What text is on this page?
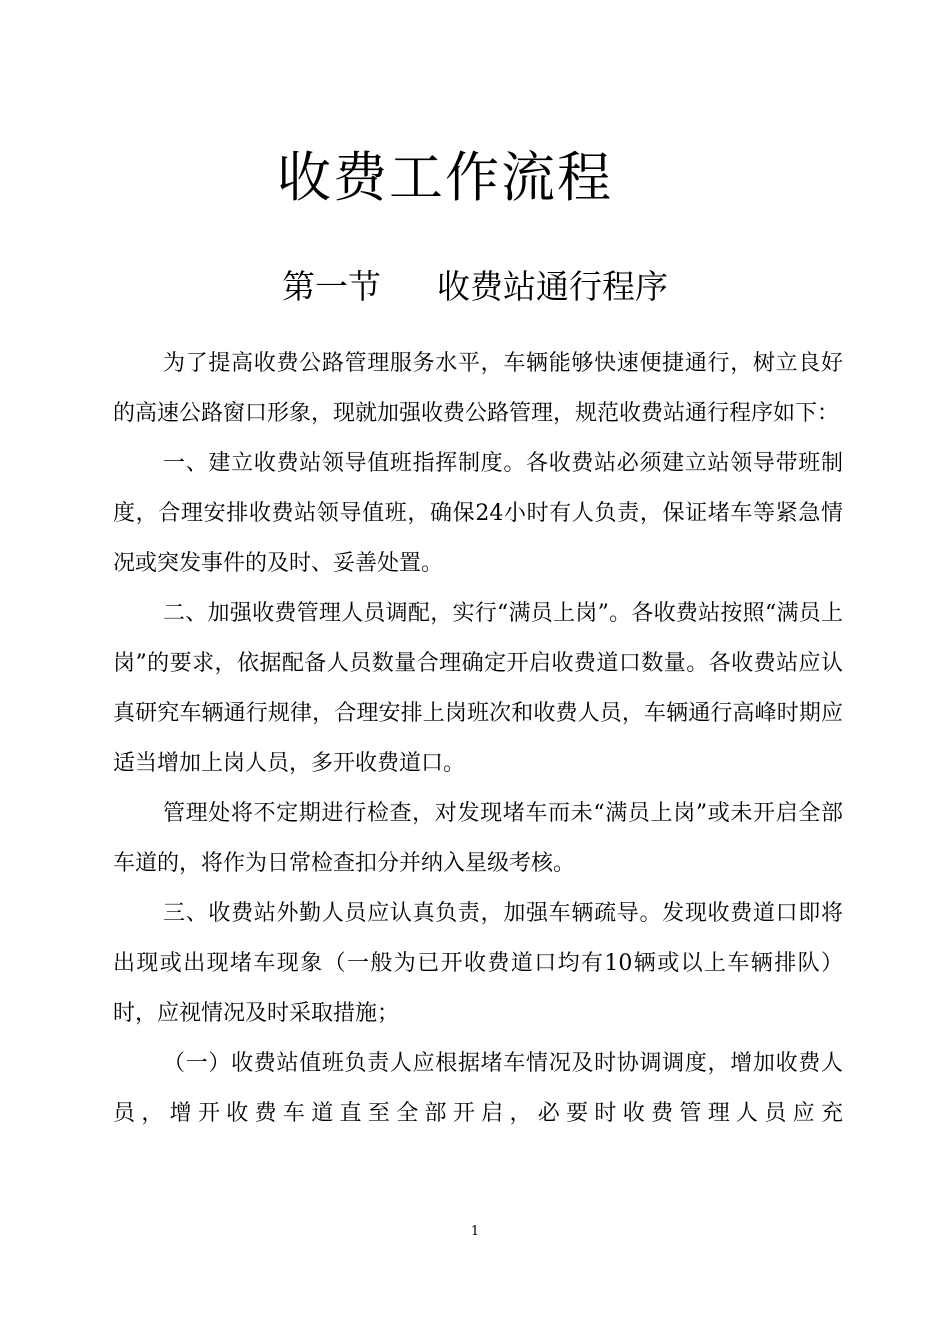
收费工作流程
第一节 收费站通行程序

为了提高收费公路管理服务水平，车辆能够快速便捷通行，树立良好的高速公路窗口形象，现就加强收费公路管理，规范收费站通行程序如下：

一、建立收费站领导值班指挥制度。各收费站必须建立站领导带班制度，合理安排收费站领导值班，确保24小时有人负责，保证堵车等紧急情况或突发事件的及时、妥善处置。

二、加强收费管理人员调配，实行“满员上岗”。各收费站按照“满员上岗”的要求，依据配备人员数量合理确定开启收费道口数量。各收费站应认真研究车辆通行规律，合理安排上岗班次和收费人员，车辆通行高峰时期应适当增加上岗人员，多开收费道口。

管理处将不定期进行检查，对发现堵车而未“满员上岗”或未开启全部车道的，将作为日常检查扣分并纳入星级考核。

三、收费站外勤人员应认真负责，加强车辆疏导。发现收费道口即将出现或出现堵车现象（一般为已开收费道口均有10辆或以上车辆排队）时，应视情况及时采取措施；

（一）收费站值班负责人应根据堵车情况及时协调调度，增加收费人员，增开收费车道直至全部开启，必要时收费管理人员应充

1
